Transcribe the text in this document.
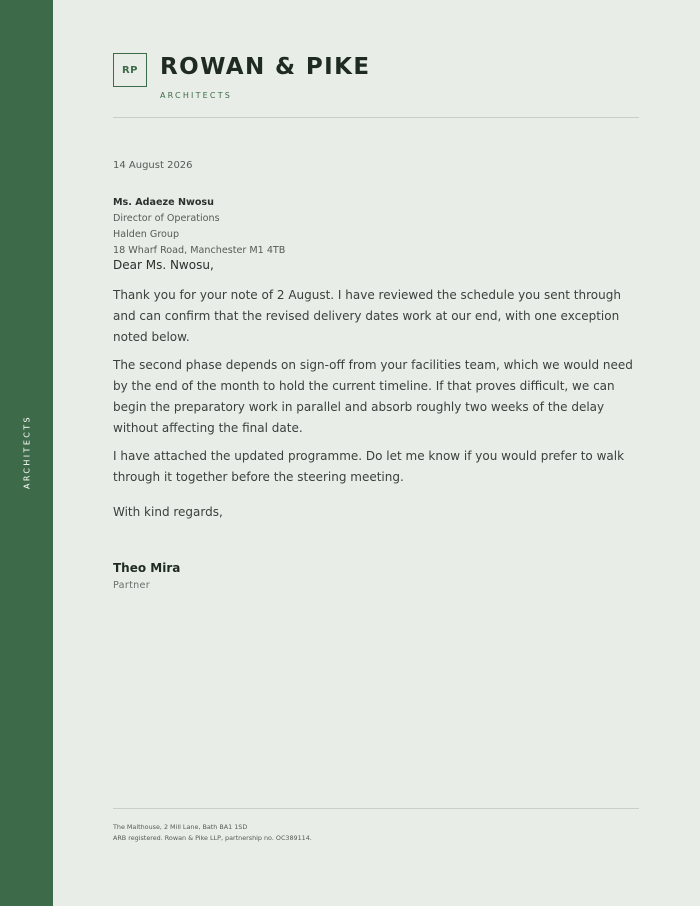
ARCHITECTS
RP ROWAN & PIKE
ARCHITECTS
14 August 2026
Ms. Adaeze Nwosu
Director of Operations
Halden Group
18 Wharf Road, Manchester M1 4TB
Dear Ms. Nwosu,

Thank you for your note of 2 August. I have reviewed the schedule you sent through and can confirm that the revised delivery dates work at our end, with one exception noted below.

The second phase depends on sign-off from your facilities team, which we would need by the end of the month to hold the current timeline. If that proves difficult, we can begin the preparatory work in parallel and absorb roughly two weeks of the delay without affecting the final date.

I have attached the updated programme. Do let me know if you would prefer to walk through it together before the steering meeting.

With kind regards,
Theo Mira
Partner
The Malthouse, 2 Mill Lane, Bath BA1 1SD
ARB registered. Rowan & Pike LLP, partnership no. OC389114.
